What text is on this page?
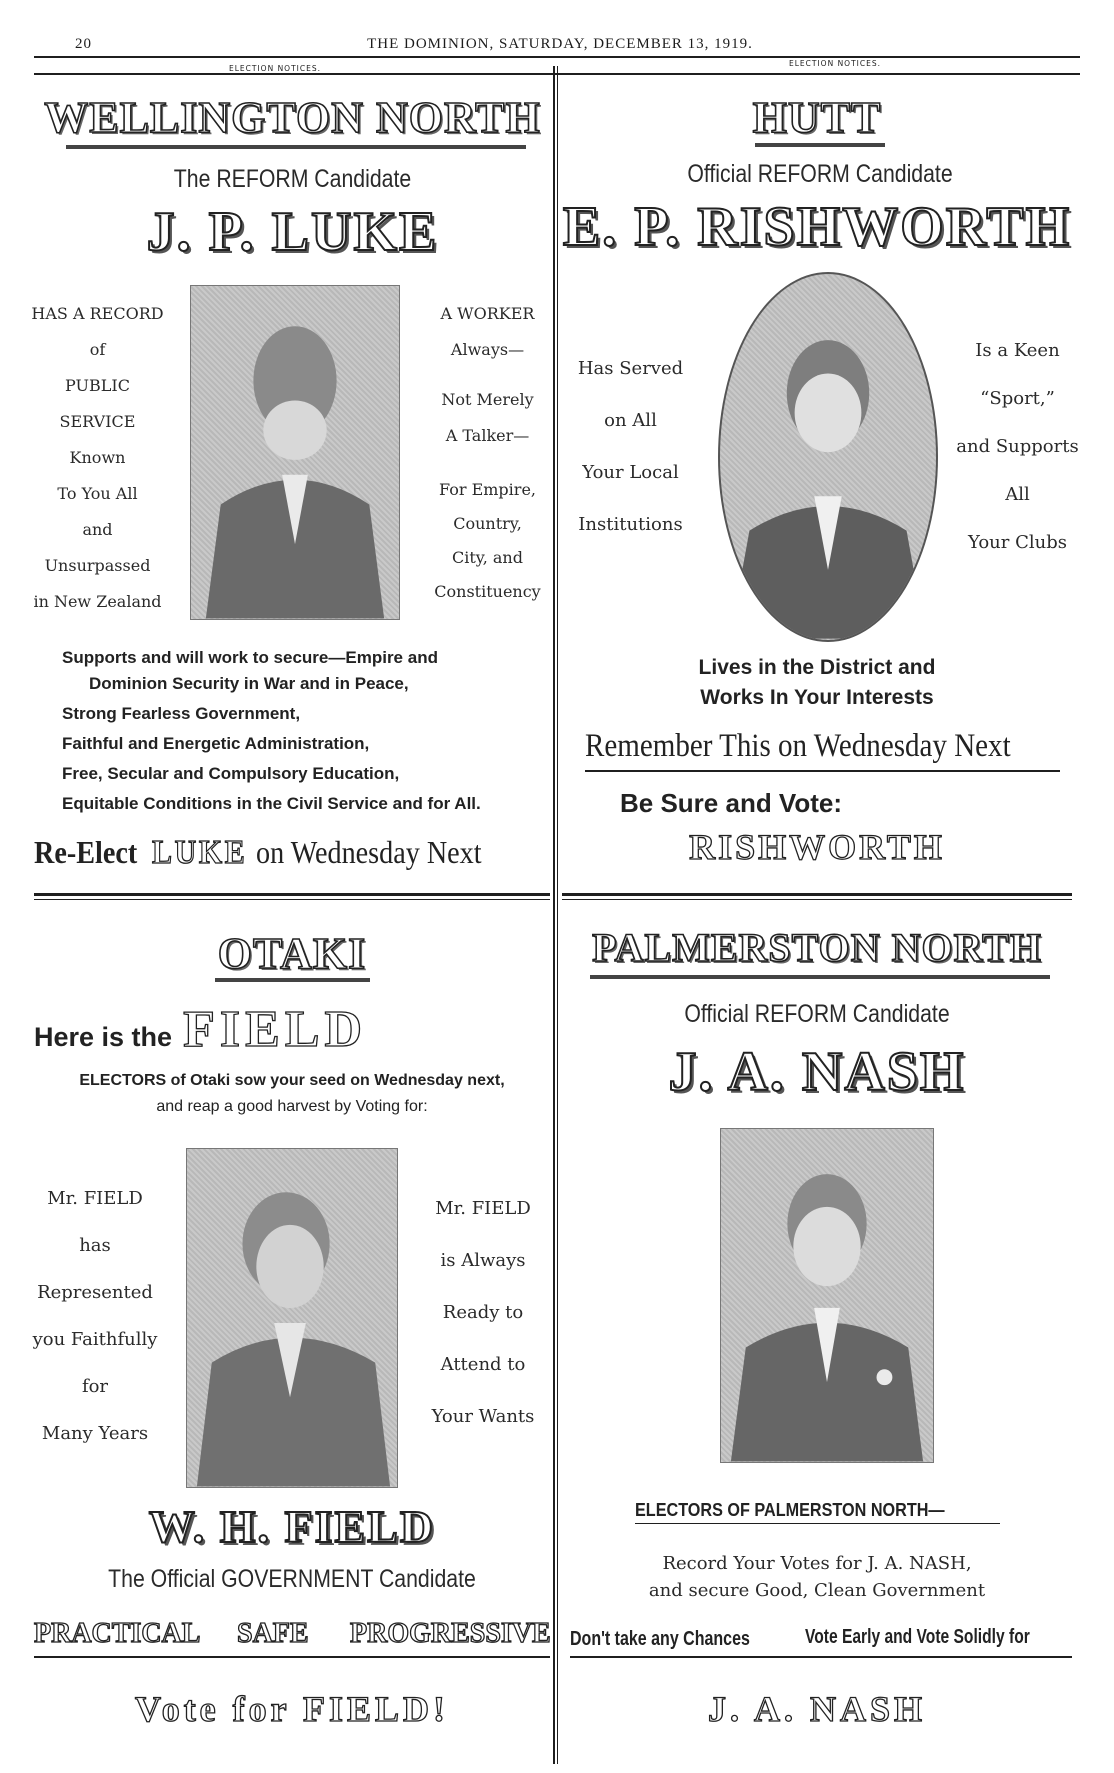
20	THE DOMINION, SATURDAY, DECEMBER 13, 1919.
ELECTION NOTICES.
ELECTION NOTICES.
WELLINGTON NORTH
The REFORM Candidate
J. P. LUKE
HAS A RECORD
of
PUBLIC
SERVICE
Known
To You All
and
Unsurpassed
in New Zealand
A WORKER
Always—
Not Merely
A Talker—
For Empire,
Country,
City, and
Constituency
Supports and will work to secure—Empire and
Dominion Security in War and in Peace,
Strong Fearless Government,
Faithful and Energetic Administration,
Free, Secular and Compulsory Education,
Equitable Conditions in the Civil Service and for All.
Re-Elect LUKE on Wednesday Next
HUTT
Official REFORM Candidate
E. P. RISHWORTH
Has Served
on All
Your Local
Institutions
Is a Keen
“Sport,”
and Supports
All
Your Clubs
Lives in the District and
Works In Your Interests
Remember This on Wednesday Next
Be Sure and Vote:
RISHWORTH
OTAKI
Here is the FIELD
ELECTORS of Otaki sow your seed on Wednesday next,
and reap a good harvest by Voting for:
Mr. FIELD
has
Represented
you Faithfully
for
Many Years
Mr. FIELD
is Always
Ready to
Attend to
Your Wants
W. H. FIELD
The Official GOVERNMENT Candidate
PRACTICAL SAFE PROGRESSIVE
Vote for FIELD!
PALMERSTON NORTH
Official REFORM Candidate
J. A. NASH
ELECTORS OF PALMERSTON NORTH—
Record Your Votes for J. A. NASH,
and secure Good, Clean Government
Don't take any Chances	Vote Early and Vote Solidly for
J. A. NASH
